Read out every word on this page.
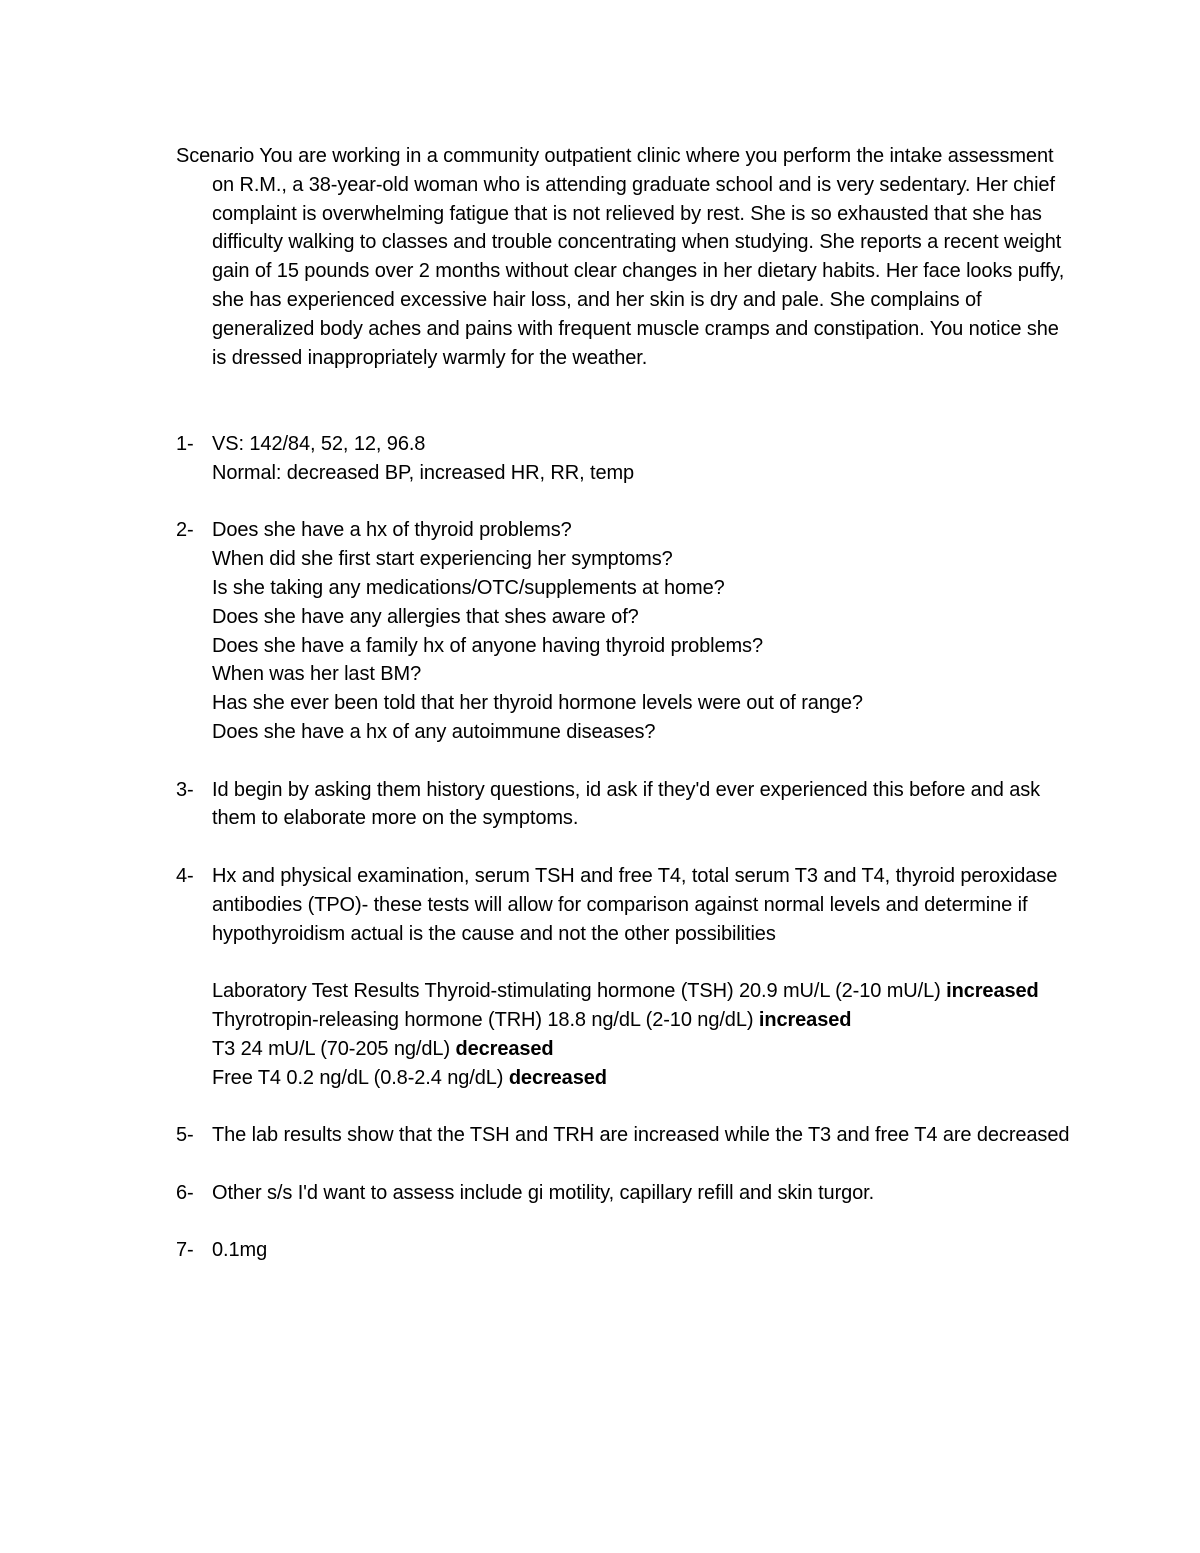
Scenario You are working in a community outpatient clinic where you perform the intake assessment on R.M., a 38-year-old woman who is attending graduate school and is very sedentary. Her chief complaint is overwhelming fatigue that is not relieved by rest. She is so exhausted that she has difficulty walking to classes and trouble concentrating when studying. She reports a recent weight gain of 15 pounds over 2 months without clear changes in her dietary habits. Her face looks puffy, she has experienced excessive hair loss, and her skin is dry and pale. She complains of generalized body aches and pains with frequent muscle cramps and constipation. You notice she is dressed inappropriately warmly for the weather.

1- VS: 142/84, 52, 12, 96.8
Normal: decreased BP, increased HR, RR, temp
2- Does she have a hx of thyroid problems?
When did she first start experiencing her symptoms?
Is she taking any medications/OTC/supplements at home?
Does she have any allergies that shes aware of?
Does she have a family hx of anyone having thyroid problems?
When was her last BM?
Has she ever been told that her thyroid hormone levels were out of range?
Does she have a hx of any autoimmune diseases?
3- Id begin by asking them history questions, id ask if they'd ever experienced this before and ask them to elaborate more on the symptoms.
4- Hx and physical examination, serum TSH and free T4, total serum T3 and T4, thyroid peroxidase antibodies (TPO)- these tests will allow for comparison against normal levels and determine if hypothyroidism actual is the cause and not the other possibilities
Laboratory Test Results Thyroid-stimulating hormone (TSH) 20.9 mU/L (2-10 mU/L) increased
Thyrotropin-releasing hormone (TRH) 18.8 ng/dL (2-10 ng/dL) increased
T3 24 mU/L (70-205 ng/dL) decreased
Free T4 0.2 ng/dL (0.8-2.4 ng/dL) decreased
5- The lab results show that the TSH and TRH are increased while the T3 and free T4 are decreased
6- Other s/s I'd want to assess include gi motility, capillary refill and skin turgor.
7- 0.1mg
